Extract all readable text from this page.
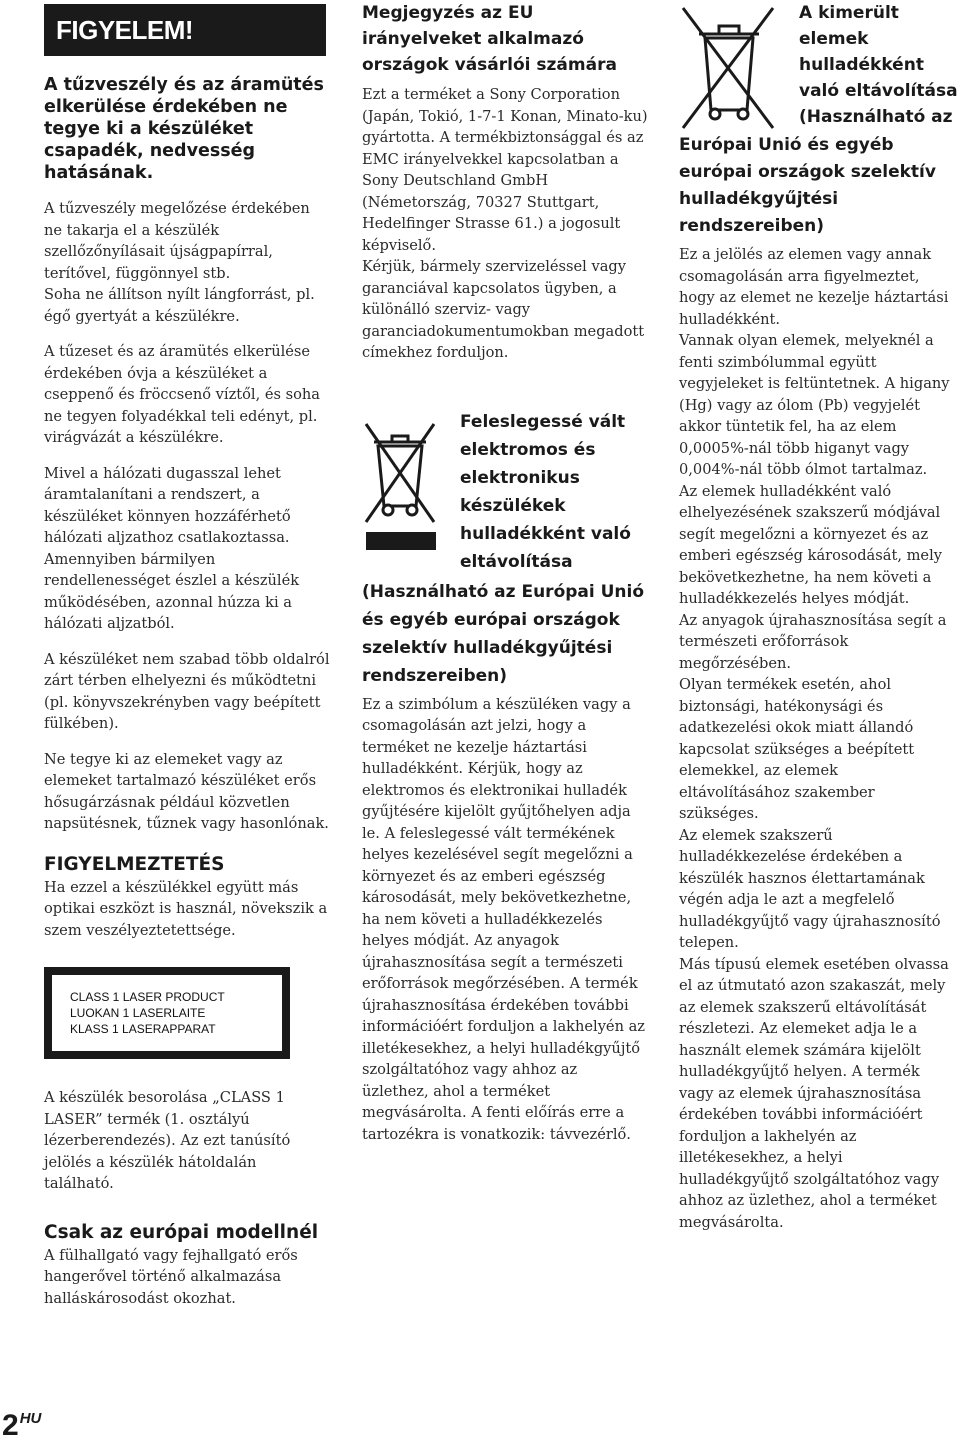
FIGYELEM!
A tűzveszély és az áramütés elkerülése érdekében ne tegye ki a készüléket csapadék, nedvesség hatásának.

A tűzveszély megelőzése érdekében ne takarja el a készülék szellőzőnyílásait újságpapírral, terítővel, függönnyel stb.

Soha ne állítson nyílt lángforrást, pl. égő gyertyát a készülékre.

A tűzeset és az áramütés elkerülése érdekében óvja a készüléket a cseppenő és fröccsenő víztől, és soha ne tegyen folyadékkal teli edényt, pl. virágvázát a készülékre.

Mivel a hálózati dugasszal lehet áramtalanítani a rendszert, a készüléket könnyen hozzáférhető hálózati aljzathoz csatlakoztassa.

Amennyiben bármilyen rendellenességet észlel a készülék működésében, azonnal húzza ki a hálózati aljzatból.

A készüléket nem szabad több oldalról zárt térben elhelyezni és működtetni (pl. könyvszekrényben vagy beépített fülkében).

Ne tegye ki az elemeket vagy az elemeket tartalmazó készüléket erős hősugárzásnak például közvetlen napsütésnek, tűznek vagy hasonlónak.

FIGYELMEZTETÉS
Ha ezzel a készülékkel együtt más optikai eszközt is használ, növekszik a szem veszélyeztetettsége.
CLASS 1 LASER PRODUCT
LUOKAN 1 LASERLAITE
KLASS 1 LASERAPPARAT
A készülék besorolása „CLASS 1 LASER” termék (1. osztályú lézerberendezés). Az ezt tanúsító jelölés a készülék hátoldalán található.
Csak az európai modellnél
A fülhallgató vagy fejhallgató erős hangerővel történő alkalmazása halláskárosodást okozhat.
Megjegyzés az EU irányelveket alkalmazó országok vásárlói számára

Ezt a terméket a Sony Corporation (Japán, Tokió, 1-7-1 Konan, Minato-ku) gyártotta. A termékbiztonsággal és az EMC irányelvekkel kapcsolatban a Sony Deutschland GmbH (Németország, 70327 Stuttgart, Hedelfinger Strasse 61.) a jogosult képviselő.

Kérjük, bármely szervizeléssel vagy garanciával kapcsolatos ügyben, a különálló szerviz- vagy garanciadokumentumokban megadott címekhez forduljon.

Feleslegessé vált elektromos és elektronikus készülékek hulladékként való eltávolítása
(Használható az Európai Unió és egyéb európai országok szelektív hulladékgyűjtési rendszereiben)
Ez a szimbólum a készüléken vagy a csomagolásán azt jelzi, hogy a terméket ne kezelje háztartási hulladékként. Kérjük, hogy az elektromos és elektronikai hulladék gyűjtésére kijelölt gyűjtőhelyen adja le. A feleslegessé vált termékének helyes kezelésével segít megelőzni a környezet és az emberi egészség károsodását, mely bekövetkezhetne, ha nem követi a hulladékkezelés helyes módját. Az anyagok újrahasznosítása segít a természeti erőforrások megőrzésében. A termék újrahasznosítása érdekében további információért forduljon a lakhelyén az illetékesekhez, a helyi hulladékgyűjtő szolgáltatóhoz vagy ahhoz az üzlethez, ahol a terméket megvásárolta. A fenti előírás erre a tartozékra is vonatkozik: távvezérlő.
A kimerült elemek hulladékként való eltávolítása
(Használható az
Európai Unió és egyéb európai országok szelektív hulladékgyűjtési rendszereiben)

Ez a jelölés az elemen vagy annak csomagolásán arra figyelmeztet, hogy az elemet ne kezelje háztartási hulladékként.

Vannak olyan elemek, melyeknél a fenti szimbólummal együtt vegyjeleket is feltüntetnek. A higany (Hg) vagy az ólom (Pb) vegyjelét akkor tüntetik fel, ha az elem 0,0005%-nál több higanyt vagy 0,004%-nál több ólmot tartalmaz.

Az elemek hulladékként való elhelyezésének szakszerű módjával segít megelőzni a környezet és az emberi egészség károsodását, mely bekövetkezhetne, ha nem követi a hulladékkezelés helyes módját.

Az anyagok újrahasznosítása segít a természeti erőforrások megőrzésében.

Olyan termékek esetén, ahol biztonsági, hatékonysági és adatkezelési okok miatt állandó kapcsolat szükséges a beépített elemekkel, az elemek eltávolításához szakember szükséges.

Az elemek szakszerű hulladékkezelése érdekében a készülék hasznos élettartamának végén adja le azt a megfelelő hulladékgyűjtő vagy újrahasznosító telepen.

Más típusú elemek esetében olvassa el az útmutató azon szakaszát, mely az elemek szakszerű eltávolítását részletezi. Az elemeket adja le a használt elemek számára kijelölt hulladékgyűjtő helyen. A termék vagy az elemek újrahasznosítása érdekében további információért forduljon a lakhelyén az illetékesekhez, a helyi hulladékgyűjtő szolgáltatóhoz vagy ahhoz az üzlethez, ahol a terméket megvásárolta.

$2^{HU}$
